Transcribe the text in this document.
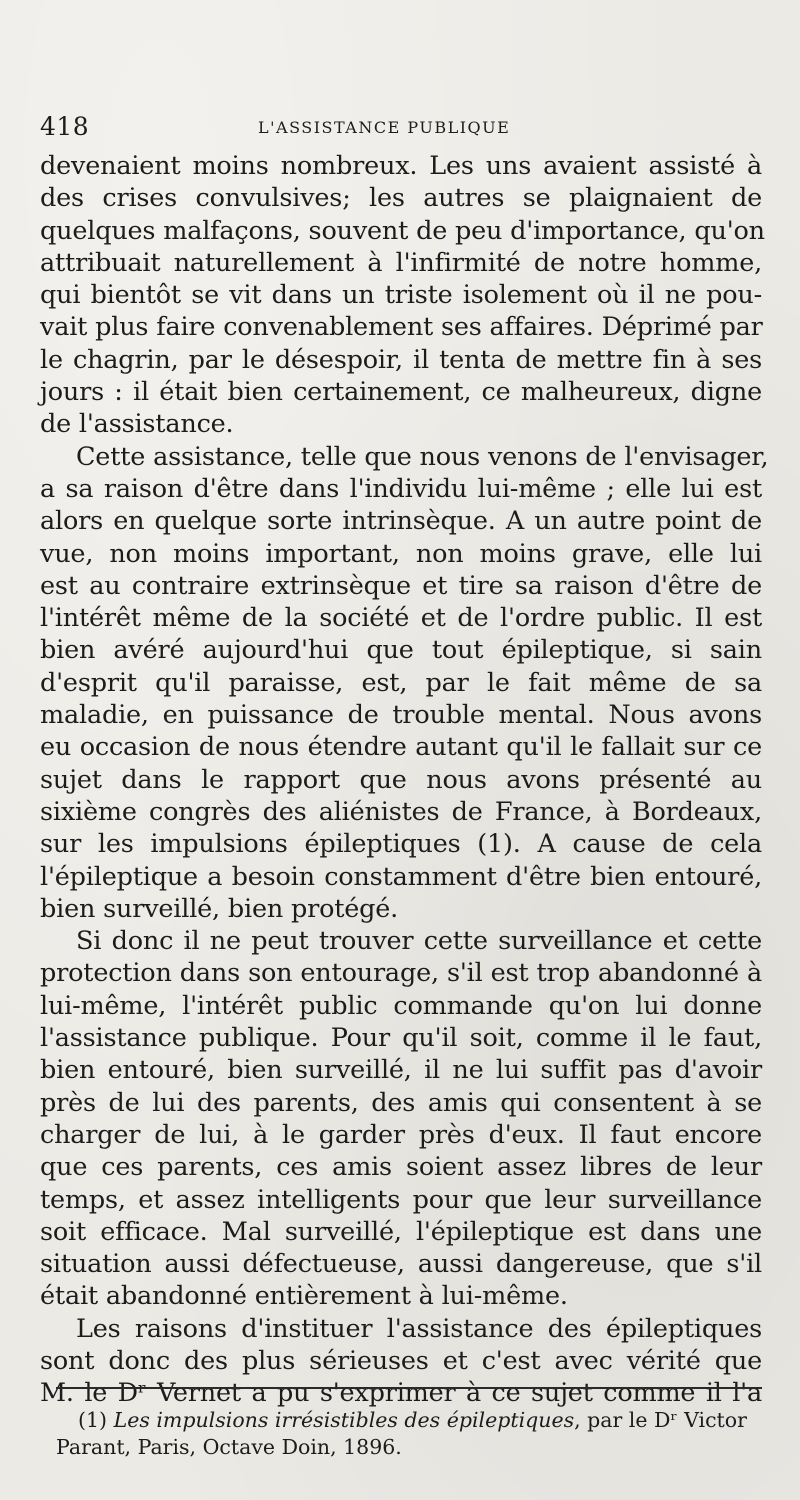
418	L'ASSISTANCE PUBLIQUE
devenaient moins nombreux. Les uns avaient assisté à
des crises convulsives; les autres se plaignaient de
quelques malfaçons, souvent de peu d'importance, qu'on
attribuait naturellement à l'infirmité de notre homme,
qui bientôt se vit dans un triste isolement où il ne pou-
vait plus faire convenablement ses affaires. Déprimé par
le chagrin, par le désespoir, il tenta de mettre fin à ses
jours : il était bien certainement, ce malheureux, digne
de l'assistance.
Cette assistance, telle que nous venons de l'envisager,
a sa raison d'être dans l'individu lui-même ; elle lui est
alors en quelque sorte intrinsèque. A un autre point de
vue, non moins important, non moins grave, elle lui
est au contraire extrinsèque et tire sa raison d'être de
l'intérêt même de la société et de l'ordre public. Il est
bien avéré aujourd'hui que tout épileptique, si sain
d'esprit qu'il paraisse, est, par le fait même de sa
maladie, en puissance de trouble mental. Nous avons
eu occasion de nous étendre autant qu'il le fallait sur ce
sujet dans le rapport que nous avons présenté au
sixième congrès des aliénistes de France, à Bordeaux,
sur les impulsions épileptiques (1). A cause de cela
l'épileptique a besoin constamment d'être bien entouré,
bien surveillé, bien protégé.
Si donc il ne peut trouver cette surveillance et cette
protection dans son entourage, s'il est trop abandonné à
lui-même, l'intérêt public commande qu'on lui donne
l'assistance publique. Pour qu'il soit, comme il le faut,
bien entouré, bien surveillé, il ne lui suffit pas d'avoir
près de lui des parents, des amis qui consentent à se
charger de lui, à le garder près d'eux. Il faut encore
que ces parents, ces amis soient assez libres de leur
temps, et assez intelligents pour que leur surveillance
soit efficace. Mal surveillé, l'épileptique est dans une
situation aussi défectueuse, aussi dangereuse, que s'il
était abandonné entièrement à lui-même.
Les raisons d'instituer l'assistance des épileptiques
sont donc des plus sérieuses et c'est avec vérité que
M. le Dʳ Vernet a pu s'exprimer à ce sujet comme il l'a
(1) Les impulsions irrésistibles des épileptiques, par le Dʳ Victor
Parant, Paris, Octave Doin, 1896.
